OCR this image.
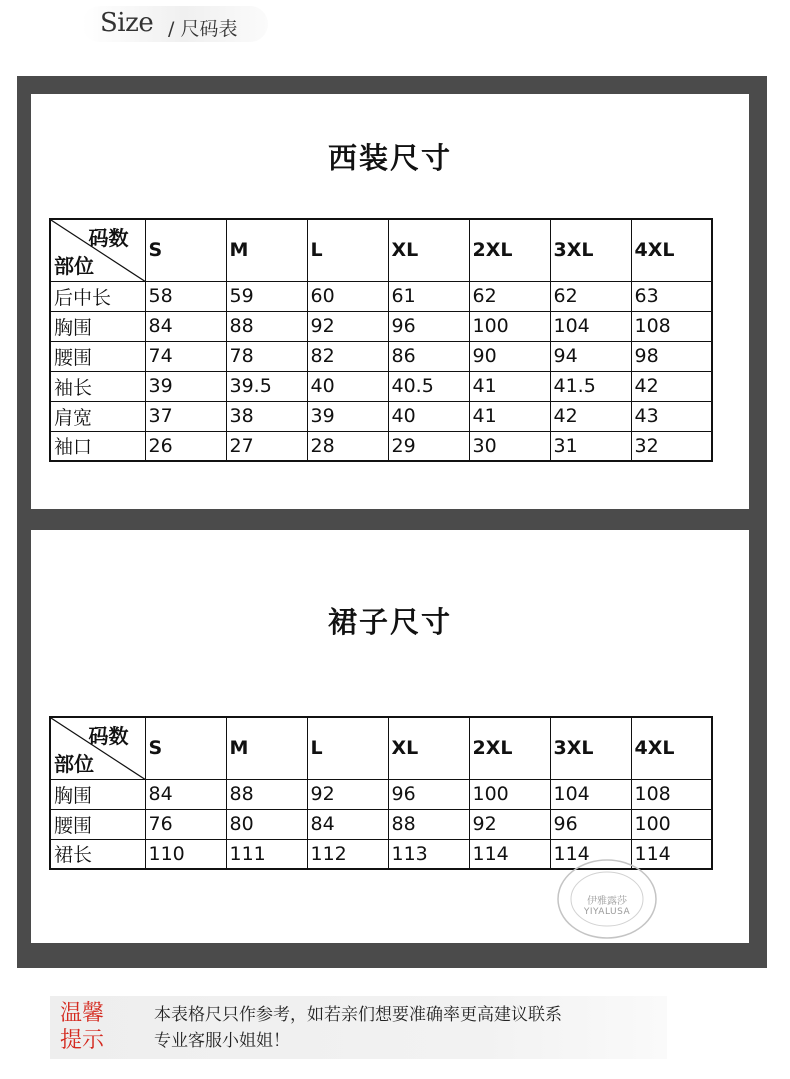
Size / 尺码表
西装尺寸
码数
部位	S	M	L	XL	2XL	3XL	4XL
后中长	58	59	60	61	62	62	63
胸围	84	88	92	96	100	104	108
腰围	74	78	82	86	90	94	98
袖长	39	39.5	40	40.5	41	41.5	42
肩宽	37	38	39	40	41	42	43
袖口	26	27	28	29	30	31	32
裙子尺寸
码数
部位	S	M	L	XL	2XL	3XL	4XL
胸围	84	88	92	96	100	104	108
腰围	76	80	84	88	92	96	100
裙长	110	111	112	113	114	114	114
伊雅露莎
YIYALUSA
温馨提示
本表格尺只作参考，如若亲们想要准确率更高建议联系
专业客服小姐姐！
